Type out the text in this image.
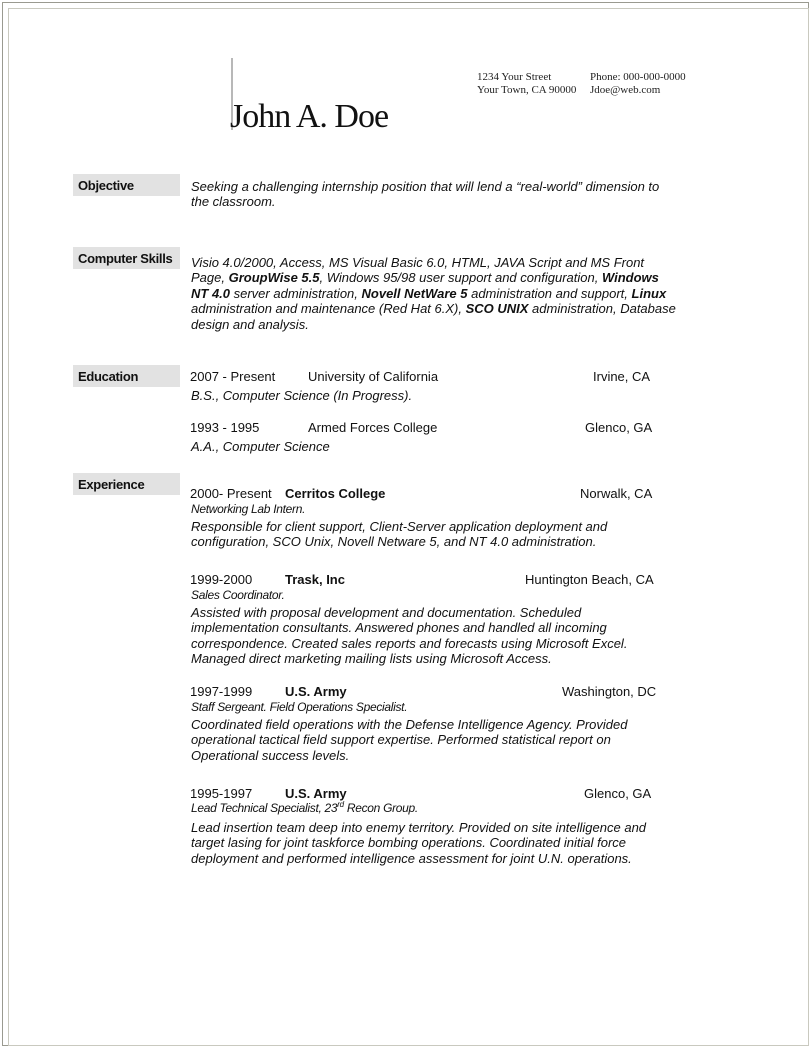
John A. Doe
1234 Your Street
Your Town, CA 90000
Phone: 000-000-0000
Jdoe@web.com
Objective	Seeking a challenging internship position that will lend a “real-world” dimension to
the classroom.
Computer Skills	Visio 4.0/2000, Access, MS Visual Basic 6.0, HTML, JAVA Script and MS Front Page, GroupWise 5.5, Windows 95/98 user support and configuration, Windows NT 4.0 server administration, Novell NetWare 5 administration and support, Linux administration and maintenance (Red Hat 6.X), SCO UNIX administration, Database design and analysis.
Education	2007 - Present	University of California	Irvine, CA
B.S., Computer Science (In Progress).
1993 - 1995	Armed Forces College	Glenco, GA
A.A., Computer Science
Experience
2000- Present Cerritos College	Norwalk, CA
Networking Lab Intern.
Responsible for client support, Client-Server application deployment and
configuration, SCO Unix, Novell Netware 5, and NT 4.0 administration.
1999-2000	Trask, Inc	Huntington Beach, CA
Sales Coordinator.
Assisted with proposal development and documentation. Scheduled
implementation consultants. Answered phones and handled all incoming
correspondence. Created sales reports and forecasts using Microsoft Excel.
Managed direct marketing mailing lists using Microsoft Access.
1997-1999	U.S. Army	Washington, DC
Staff Sergeant. Field Operations Specialist.
Coordinated field operations with the Defense Intelligence Agency. Provided
operational tactical field support expertise. Performed statistical report on
Operational success levels.
1995-1997	U.S. Army	Glenco, GA
Lead Technical Specialist, 23rd Recon Group.
Lead insertion team deep into enemy territory. Provided on site intelligence and
target lasing for joint taskforce bombing operations. Coordinated initial force
deployment and performed intelligence assessment for joint U.N. operations.
